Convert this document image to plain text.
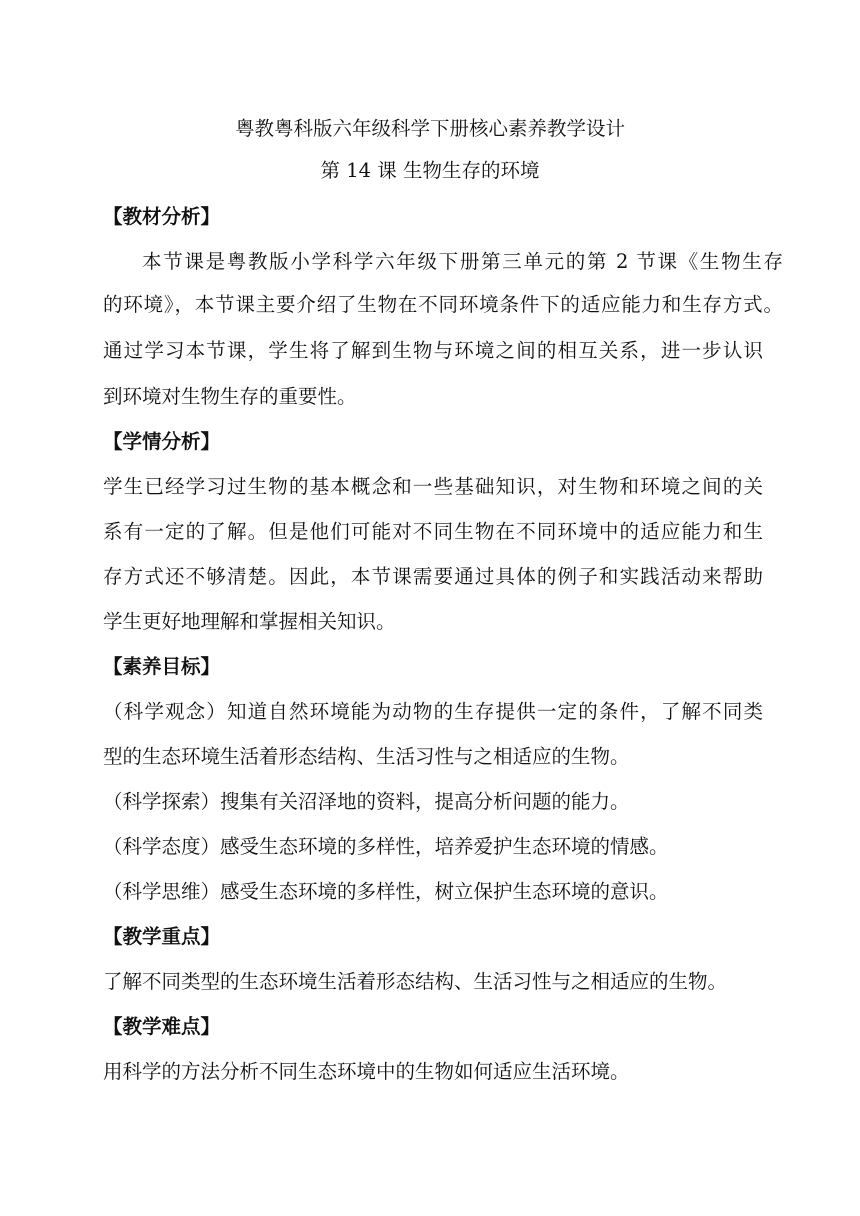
粤教粤科版六年级科学下册核心素养教学设计
第 14 课 生物生存的环境
【教材分析】
本节课是粤教版小学科学六年级下册第三单元的第 2 节课《生物生存
的环境》，本节课主要介绍了生物在不同环境条件下的适应能力和生存方式。
通过学习本节课，学生将了解到生物与环境之间的相互关系，进一步认识
到环境对生物生存的重要性。
【学情分析】
学生已经学习过生物的基本概念和一些基础知识，对生物和环境之间的关
系有一定的了解。但是他们可能对不同生物在不同环境中的适应能力和生
存方式还不够清楚。因此，本节课需要通过具体的例子和实践活动来帮助
学生更好地理解和掌握相关知识。
【素养目标】
（科学观念）知道自然环境能为动物的生存提供一定的条件，了解不同类
型的生态环境生活着形态结构、生活习性与之相适应的生物。
（科学探索）搜集有关沼泽地的资料，提高分析问题的能力。
（科学态度）感受生态环境的多样性，培养爱护生态环境的情感。
（科学思维）感受生态环境的多样性，树立保护生态环境的意识。
【教学重点】
了解不同类型的生态环境生活着形态结构、生活习性与之相适应的生物。
【教学难点】
用科学的方法分析不同生态环境中的生物如何适应生活环境。
